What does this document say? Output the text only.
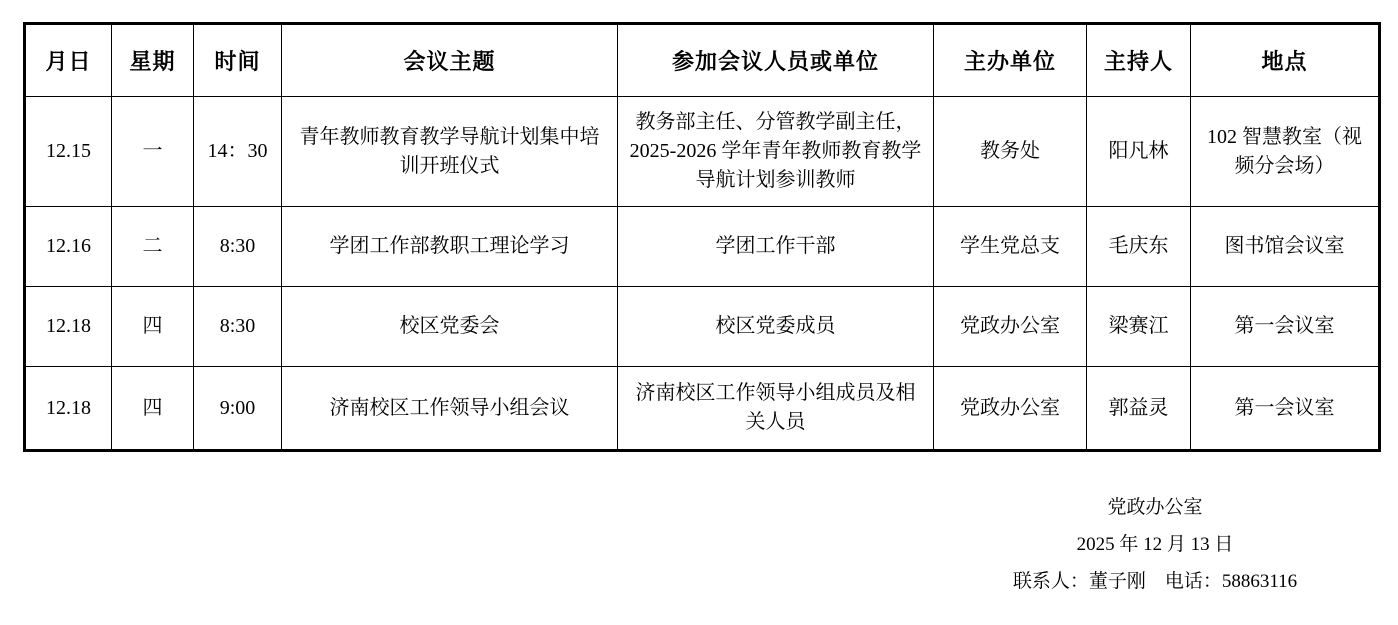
月日	星期	时间	会议主题	参加会议人员或单位	主办单位	主持人	地点
12.15	一	14：30	青年教师教育教学导航计划集中培训开班仪式	教务部主任、分管教学副主任，2025-2026 学年青年教师教育教学导航计划参训教师	教务处	阳凡林	102 智慧教室（视频分会场）
12.16	二	8:30	学团工作部教职工理论学习	学团工作干部	学生党总支	毛庆东	图书馆会议室
12.18	四	8:30	校区党委会	校区党委成员	党政办公室	梁赛江	第一会议室
12.18	四	9:00	济南校区工作领导小组会议	济南校区工作领导小组成员及相关人员	党政办公室	郭益灵	第一会议室
党政办公室
2025 年 12 月 13 日
联系人：董子刚　电话：58863116
